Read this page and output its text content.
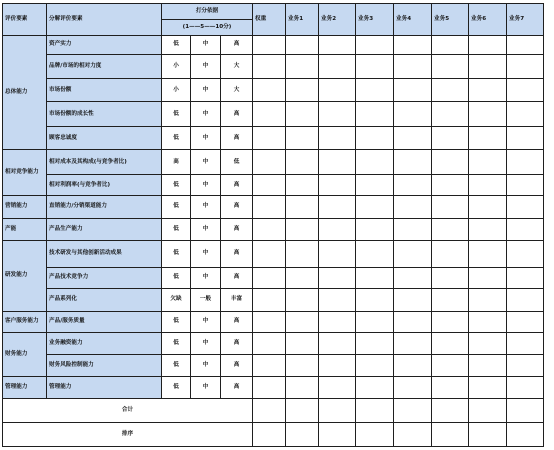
评价要素	分解评价要素	打分依据			权重	业务1	业务2	业务3	业务4	业务5	业务6	业务7
		(1——5——10分)										
总体能力	资产实力	低	中	高								
	品牌/市场的相对力度	小	中	大								
	市场份额	小	中	大								
	市场份额的成长性	低	中	高								
	顾客忠诚度	低	中	高								
相对竞争能力	相对成本及其构成(与竞争者比)	高	中	低								
	相对利润率(与竞争者比)	低	中	高								
营销能力	直销能力/分销渠道能力	低	中	高								
产能	产品生产能力	低	中	高								
研发能力	技术研发与其他创新活动成果	低	中	高								
	产品技术竞争力	低	中	高								
	产品系列化	欠缺	一般	丰富								
客户服务能力	产品/服务质量	低	中	高								
财务能力	业务融资能力	低	中	高								
	财务风险控制能力	低	中	高								
管理能力	管理能力	低	中	高								
合计												
排序												
